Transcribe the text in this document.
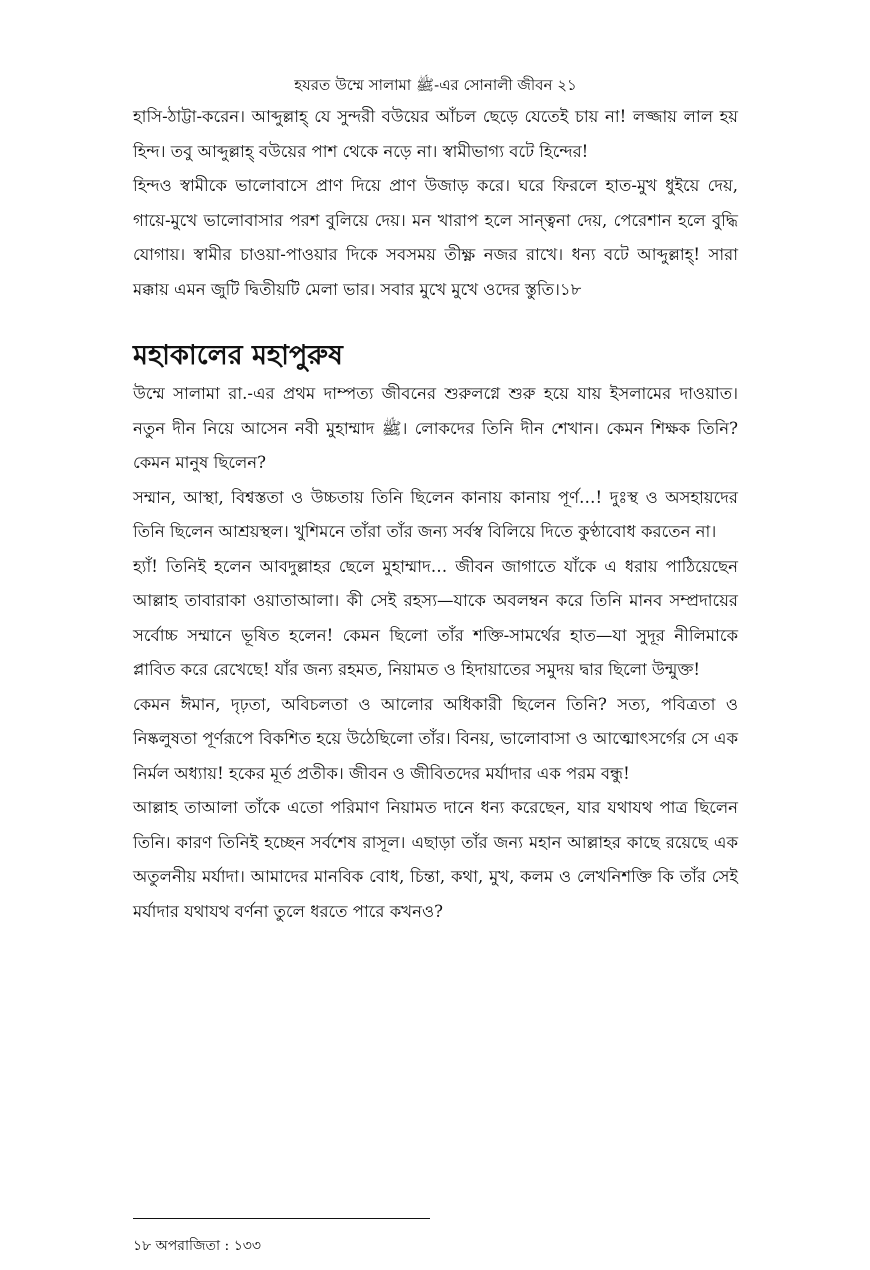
হযরত উম্মে সালামা ﷺ-এর সোনালী জীবন ২১

হাসি-ঠাট্টা-করেন। আব্দুল্লাহ্‌ যে সুন্দরী বউয়ের আঁচল ছেড়ে যেতেই চায় না! লজ্জায় লাল হয় হিন্দ। তবু আব্দুল্লাহ্‌ বউয়ের পাশ থেকে নড়ে না। স্বামীভাগ্য বটে হিন্দের!

হিন্দও স্বামীকে ভালোবাসে প্রাণ দিয়ে প্রাণ উজাড় করে। ঘরে ফিরলে হাত-মুখ ধুইয়ে দেয়, গায়ে-মুখে ভালোবাসার পরশ বুলিয়ে দেয়। মন খারাপ হলে সান্ত্বনা দেয়, পেরেশান হলে বুদ্ধি যোগায়। স্বামীর চাওয়া-পাওয়ার দিকে সবসময় তীক্ষ্ণ নজর রাখে। ধন্য বটে আব্দুল্লাহ্‌! সারা মক্কায় এমন জুটি দ্বিতীয়টি মেলা ভার। সবার মুখে মুখে ওদের স্তুতি।১৮

মহাকালের মহাপুরুষ

উম্মে সালামা রা.-এর প্রথম দাম্পত্য জীবনের শুরুলগ্নে শুরু হয়ে যায় ইসলামের দাওয়াত। নতুন দীন নিয়ে আসেন নবী মুহাম্মাদ ﷺ। লোকদের তিনি দীন শেখান। কেমন শিক্ষক তিনি? কেমন মানুষ ছিলেন?

সম্মান, আস্থা, বিশ্বস্ততা ও উচ্চতায় তিনি ছিলেন কানায় কানায় পূর্ণ…! দুঃস্থ ও অসহায়দের তিনি ছিলেন আশ্রয়স্থল। খুশিমনে তাঁরা তাঁর জন্য সর্বস্ব বিলিয়ে দিতে কুণ্ঠাবোধ করতেন না।

হ্যাঁ! তিনিই হলেন আবদুল্লাহর ছেলে মুহাম্মাদ… জীবন জাগাতে যাঁকে এ ধরায় পাঠিয়েছেন আল্লাহ তাবারাকা ওয়াতাআলা। কী সেই রহস্য—যাকে অবলম্বন করে তিনি মানব সম্প্রদায়ের সর্বোচ্চ সম্মানে ভূষিত হলেন! কেমন ছিলো তাঁর শক্তি-সামর্থের হাত—যা সুদূর নীলিমাকে প্লাবিত করে রেখেছে! যাঁর জন্য রহমত, নিয়ামত ও হিদায়াতের সমুদয় দ্বার ছিলো উন্মুক্ত!

কেমন ঈমান, দৃঢ়তা, অবিচলতা ও আলোর অধিকারী ছিলেন তিনি? সত্য, পবিত্রতা ও নিষ্কলুষতা পূর্ণরূপে বিকশিত হয়ে উঠেছিলো তাঁর। বিনয়, ভালোবাসা ও আত্মোৎসর্গের সে এক নির্মল অধ্যায়! হকের মূর্ত প্রতীক। জীবন ও জীবিতদের মর্যাদার এক পরম বন্ধু!

আল্লাহ তাআলা তাঁকে এতো পরিমাণ নিয়ামত দানে ধন্য করেছেন, যার যথাযথ পাত্র ছিলেন তিনি। কারণ তিনিই হচ্ছেন সর্বশেষ রাসূল। এছাড়া তাঁর জন্য মহান আল্লাহর কাছে রয়েছে এক অতুলনীয় মর্যাদা। আমাদের মানবিক বোধ, চিন্তা, কথা, মুখ, কলম ও লেখনিশক্তি কি তাঁর সেই মর্যাদার যথাযথ বর্ণনা তুলে ধরতে পারে কখনও?

১৮ অপরাজিতা : ১৩৩
